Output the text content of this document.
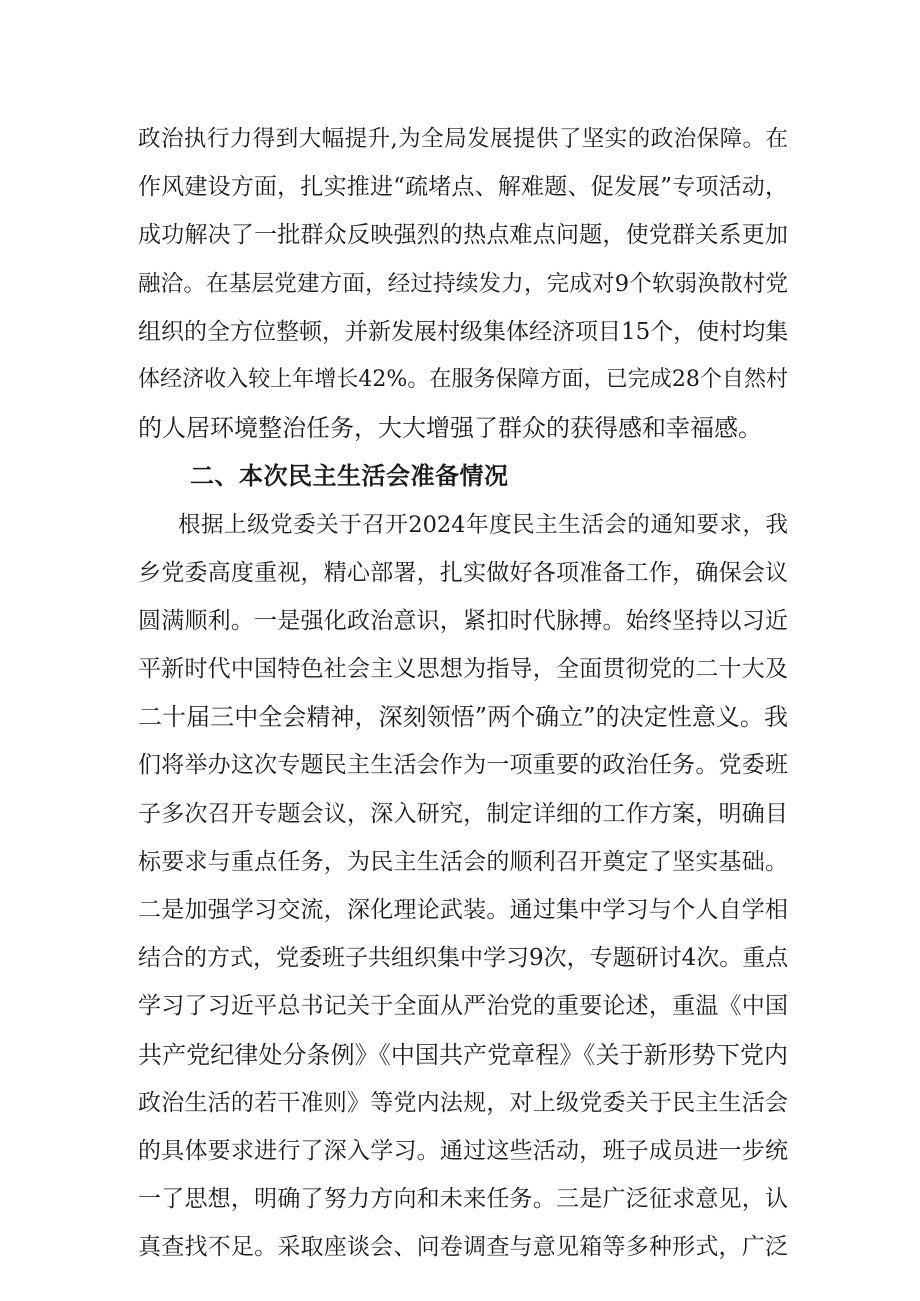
政治执行力得到大幅提升,为全局发展提供了坚实的政治保障。在
作风建设方面，扎实推进“疏堵点、解难题、促发展”专项活动，
成功解决了一批群众反映强烈的热点难点问题，使党群关系更加
融洽。在基层党建方面，经过持续发力，完成对9个软弱涣散村党
组织的全方位整顿，并新发展村级集体经济项目15个，使村均集
体经济收入较上年增长42%。在服务保障方面，已完成28个自然村
的人居环境整治任务，大大增强了群众的获得感和幸福感。
二、本次民主生活会准备情况
根据上级党委关于召开2024年度民主生活会的通知要求，我
乡党委高度重视，精心部署，扎实做好各项准备工作，确保会议
圆满顺利。一是强化政治意识，紧扣时代脉搏。始终坚持以习近
平新时代中国特色社会主义思想为指导，全面贯彻党的二十大及
二十届三中全会精神，深刻领悟”两个确立”的决定性意义。我
们将举办这次专题民主生活会作为一项重要的政治任务。党委班
子多次召开专题会议，深入研究，制定详细的工作方案，明确目
标要求与重点任务，为民主生活会的顺利召开奠定了坚实基础。
二是加强学习交流，深化理论武装。通过集中学习与个人自学相
结合的方式，党委班子共组织集中学习9次，专题研讨4次。重点
学习了习近平总书记关于全面从严治党的重要论述，重温《中国
共产党纪律处分条例》《中国共产党章程》《关于新形势下党内
政治生活的若干准则》等党内法规，对上级党委关于民主生活会
的具体要求进行了深入学习。通过这些活动，班子成员进一步统
一了思想，明确了努力方向和未来任务。三是广泛征求意见，认
真查找不足。采取座谈会、问卷调查与意见箱等多种形式，广泛
